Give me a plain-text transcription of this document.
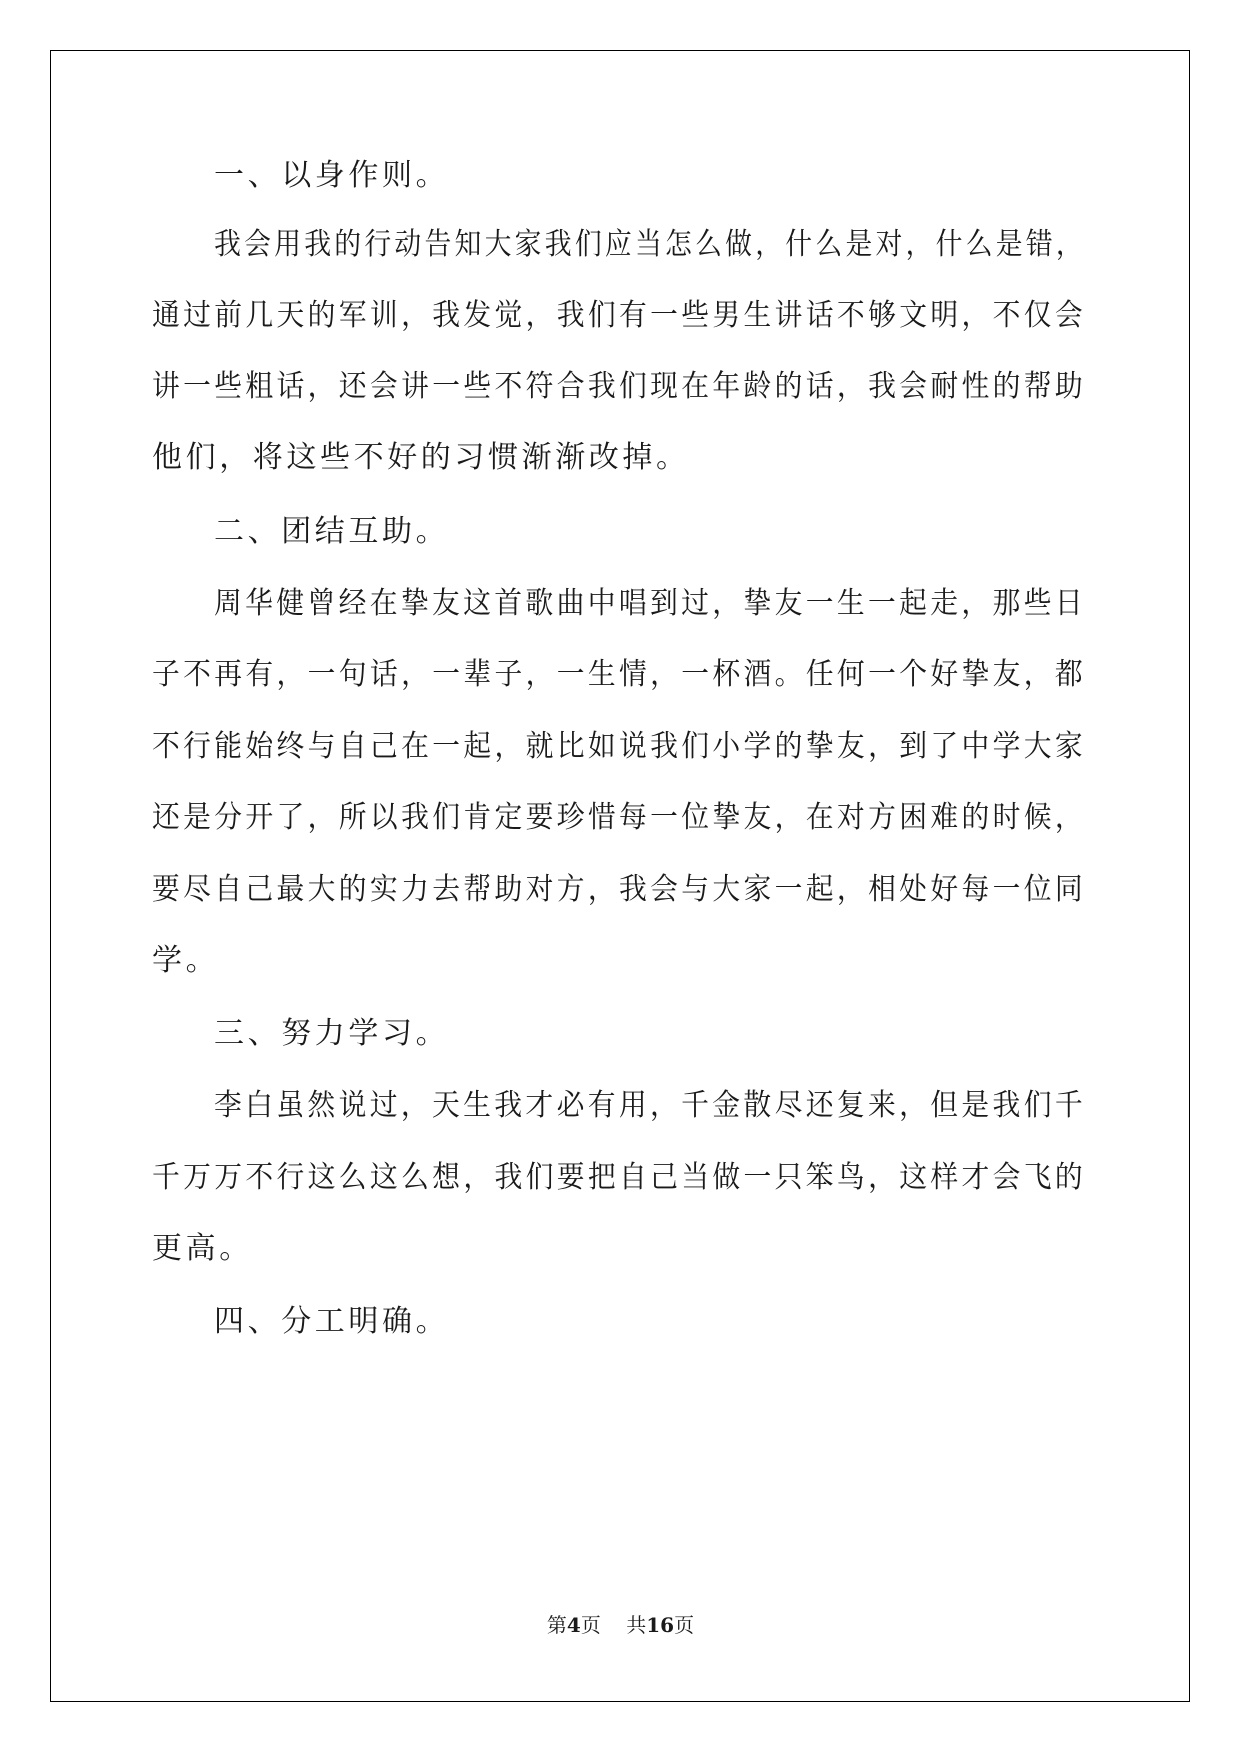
一、以身作则。
我会用我的行动告知大家我们应当怎么做，什么是对，什么是错，
通过前几天的军训，我发觉，我们有一些男生讲话不够文明，不仅会
讲一些粗话，还会讲一些不符合我们现在年龄的话，我会耐性的帮助
他们，将这些不好的习惯渐渐改掉。
二、团结互助。
周华健曾经在挚友这首歌曲中唱到过，挚友一生一起走，那些日
子不再有，一句话，一辈子，一生情，一杯酒。任何一个好挚友，都
不行能始终与自己在一起，就比如说我们小学的挚友，到了中学大家
还是分开了，所以我们肯定要珍惜每一位挚友，在对方困难的时候，
要尽自己最大的实力去帮助对方，我会与大家一起，相处好每一位同
学。
三、努力学习。
李白虽然说过，天生我才必有用，千金散尽还复来，但是我们千
千万万不行这么这么想，我们要把自己当做一只笨鸟，这样才会飞的
更高。
四、分工明确。
第4页 共16页
